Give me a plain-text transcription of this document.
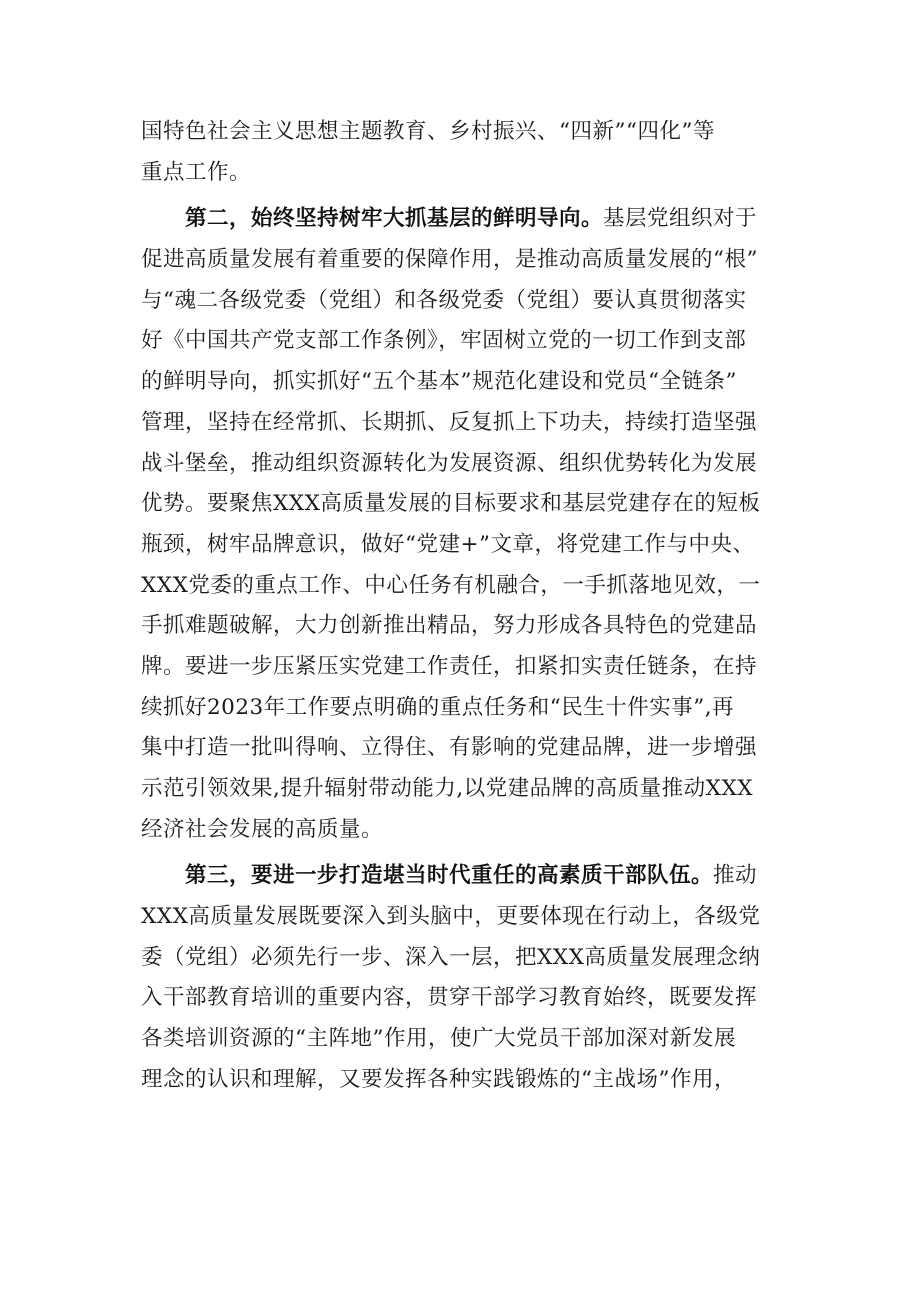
国特色社会主义思想主题教育、乡村振兴、“四新”“四化”等
重点工作。
第二，始终坚持树牢大抓基层的鲜明导向。基层党组织对于
促进高质量发展有着重要的保障作用，是推动高质量发展的“根”
与“魂二各级党委（党组）和各级党委（党组）要认真贯彻落实
好《中国共产党支部工作条例》，牢固树立党的一切工作到支部
的鲜明导向，抓实抓好“五个基本”规范化建设和党员“全链条”
管理，坚持在经常抓、长期抓、反复抓上下功夫，持续打造坚强
战斗堡垒，推动组织资源转化为发展资源、组织优势转化为发展
优势。要聚焦XXX高质量发展的目标要求和基层党建存在的短板
瓶颈，树牢品牌意识，做好“党建+”文章，将党建工作与中央、
XXX党委的重点工作、中心任务有机融合，一手抓落地见效，一
手抓难题破解，大力创新推出精品，努力形成各具特色的党建品
牌。要进一步压紧压实党建工作责任，扣紧扣实责任链条，在持
续抓好2023年工作要点明确的重点任务和“民生十件实事”,再
集中打造一批叫得响、立得住、有影响的党建品牌，进一步增强
示范引领效果,提升辐射带动能力,以党建品牌的高质量推动XXX
经济社会发展的高质量。
第三，要进一步打造堪当时代重任的高素质干部队伍。推动
XXX高质量发展既要深入到头脑中，更要体现在行动上，各级党
委（党组）必须先行一步、深入一层，把XXX高质量发展理念纳
入干部教育培训的重要内容，贯穿干部学习教育始终，既要发挥
各类培训资源的“主阵地”作用，使广大党员干部加深对新发展
理念的认识和理解，又要发挥各种实践锻炼的“主战场”作用，
